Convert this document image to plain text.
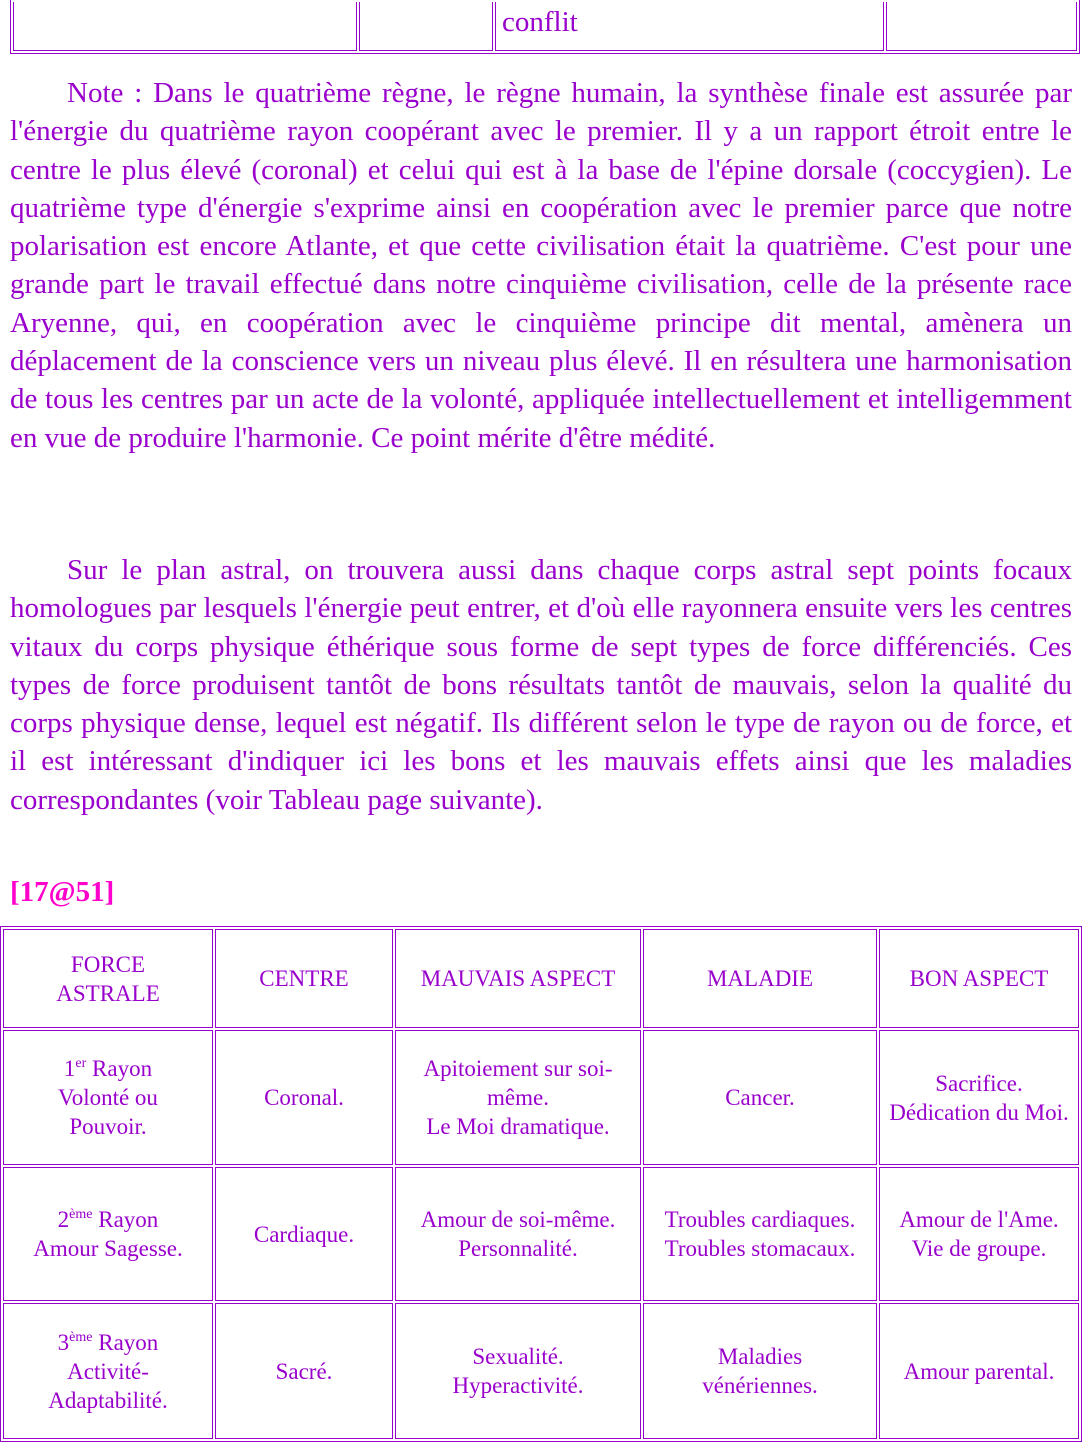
		conflit	

Note : Dans le quatrième règne, le règne humain, la synthèse finale est assurée par l'énergie du quatrième rayon coopérant avec le premier. Il y a un rapport étroit entre le centre le plus élevé (coronal) et celui qui est à la base de l'épine dorsale (coccygien). Le quatrième type d'énergie s'exprime ainsi en coopération avec le premier parce que notre polarisation est encore Atlante, et que cette civilisation était la quatrième. C'est pour une grande part le travail effectué dans notre cinquième civilisation, celle de la présente race Aryenne, qui, en coopération avec le cinquième principe dit mental, amènera un déplacement de la conscience vers un niveau plus élevé. Il en résultera une harmonisation de tous les centres par un acte de la volonté, appliquée intellectuellement et intelligemment en vue de produire l'harmonie. Ce point mérite d'être médité.

Sur le plan astral, on trouvera aussi dans chaque corps astral sept points focaux homologues par lesquels l'énergie peut entrer, et d'où elle rayonnera ensuite vers les centres vitaux du corps physique éthérique sous forme de sept types de force différenciés. Ces types de force produisent tantôt de bons résultats tantôt de mauvais, selon la qualité du corps physique dense, lequel est négatif. Ils différent selon le type de rayon ou de force, et il est intéressant d'indiquer ici les bons et les mauvais effets ainsi que les maladies correspondantes (voir Tableau page suivante).

[17@51]
FORCE
ASTRALE	CENTRE	MAUVAIS ASPECT	MALADIE	BON ASPECT

1er Rayon
Volonté ou
Pouvoir.	Coronal.	Apitoiement sur soi-
même.
Le Moi dramatique.	Cancer.	Sacrifice.
Dédication du Moi.

2ème Rayon
Amour Sagesse.	Cardiaque.	Amour de soi-même.
Personnalité.	Troubles cardiaques.
Troubles stomacaux.	Amour de l'Ame.
Vie de groupe.

3ème Rayon
Activité-
Adaptabilité.	Sacré.	Sexualité.
Hyperactivité.	Maladies
vénériennes.	Amour parental.
